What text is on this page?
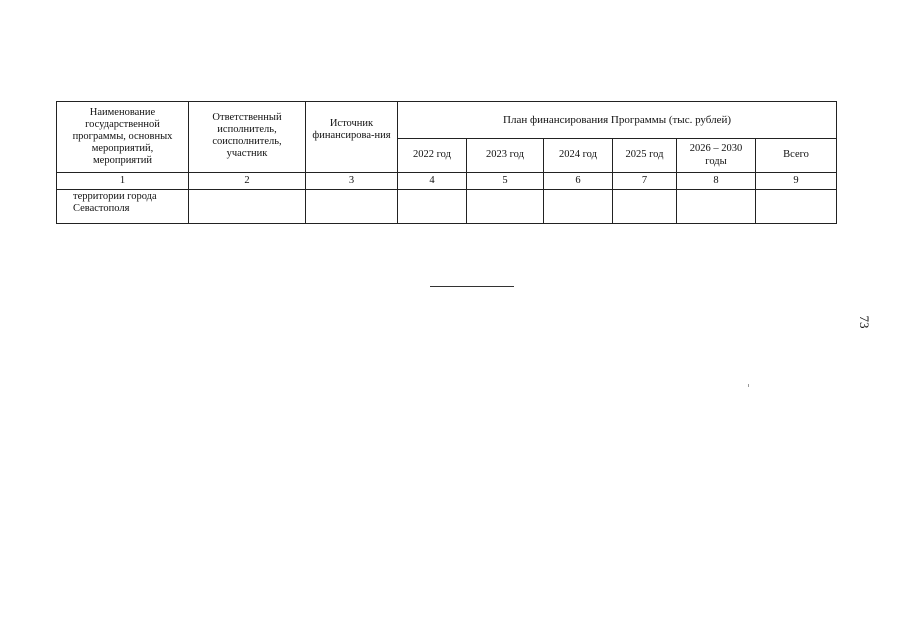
Наименование государственной программы, основных мероприятий, мероприятий	Ответственный исполнитель, соисполнитель, участник	Источник финансирова-ния	План финансирования Программы (тыс. рублей)					
			2022 год	2023 год	2024 год	2025 год	2026 – 2030 годы	Всего
1	2	3	4	5	6	7	8	9
территории города Севастополя								
73
